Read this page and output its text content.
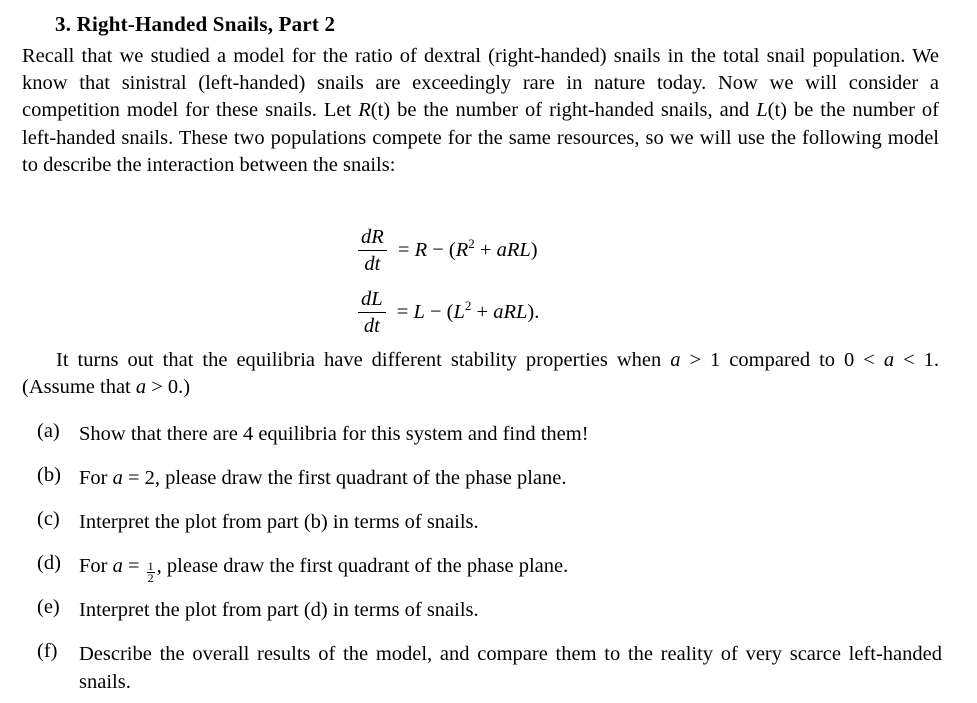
3. Right-Handed Snails, Part 2
Recall that we studied a model for the ratio of dextral (right-handed) snails in the total snail population. We know that sinistral (left-handed) snails are exceedingly rare in nature today. Now we will consider a competition model for these snails. Let R(t) be the number of right-handed snails, and L(t) be the number of left-handed snails. These two populations compete for the same resources, so we will use the following model to describe the interaction between the snails:
$\frac{dR}{dt} = R - (R^2 + aRL)$
$\frac{dL}{dt} = L - (L^2 + aRL)$.
It turns out that the equilibria have different stability properties when a > 1 compared to 0 < a < 1. (Assume that a > 0.)
(a) Show that there are 4 equilibria for this system and find them!
(b) For a = 2, please draw the first quadrant of the phase plane.
(c) Interpret the plot from part (b) in terms of snails.
(d) For $a = \frac{1}{2}$ , please draw the first quadrant of the phase plane.
(e) Interpret the plot from part (d) in terms of snails.
(f)	Describe the overall results of the model, and compare them to the reality of very scarce left-handed snails.
